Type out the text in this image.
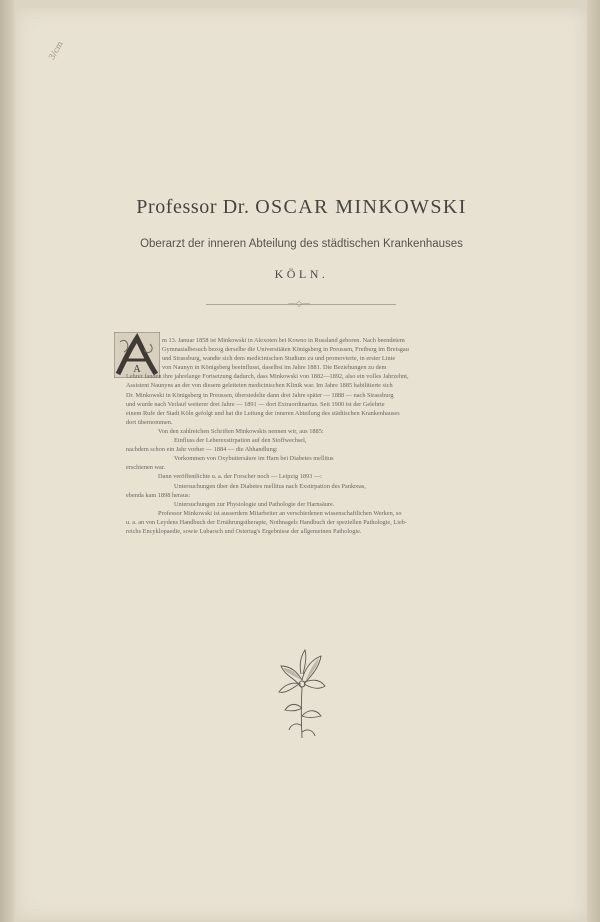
3/cm
Professor Dr. OSCAR MINKOWSKI
Oberarzt der inneren Abteilung des städtischen Krankenhauses
KÖLN.
—◇—
A

m 13. Januar 1858 ist Minkowski in Alexoten bei Kowno in Russland geboren. Nach beendetem

Gymnasialbesuch bezog derselbe die Universitäten Königsberg in Preussen, Freiburg im Breisgau

und Strassburg, wandte sich dem medicinischen Studium zu und promovierte, in erster Linie

von Naunyn in Königsberg beeinflusst, daselbst im Jahre 1881. Die Beziehungen zu dem

Lehrer fanden ihre jahrelange Fortsetzung dadurch, dass Minkowski von 1882—1892, also ein volles Jahrzehnt,

Assistent Naunyns an der von diesem geleiteten medicinischen Klinik war. Im Jahre 1885 habilitierte sich

Dr. Minkowski in Königsberg in Preussen, übersiedelte dann drei Jahre später — 1888 — nach Strassburg

und wurde nach Verlauf weiterer drei Jahre — 1891 — dort Extraordinarius. Seit 1900 ist der Gelehrte

einem Rufe der Stadt Köln gefolgt und hat die Leitung der inneren Abteilung des städtischen Krankenhauses

dort übernommen.

Von den zahlreichen Schriften Minkowskis nennen wir, aus 1885:

Einfluss der Leberexstirpation auf den Stoffwechsel,

nachdem schon ein Jahr vorher — 1884 — die Abhandlung:

Vorkommen von Oxybuttersäure im Harn bei Diabetes mellitus

erschienen war.

Dann veröffentlichte u. a. der Forscher noch — Leipzig 1893 —:

Untersuchungen über den Diabetes mellitus nach Exstirpation des Pankreas,

ebenda kam 1898 heraus:

Untersuchungen zur Physiologie und Pathologie der Harnsäure.

Professor Minkowski ist ausserdem Mitarbeiter an verschiedenen wissenschaftlichen Werken, so

u. a. an von Leydens Handbuch der Ernährungstherapie, Nothnagels Handbuch der speziellen Pathologie, Lieb-

reichs Encyklopaedie, sowie Lubarsch und Ostertag's Ergebnisse der allgemeinen Pathologie.
